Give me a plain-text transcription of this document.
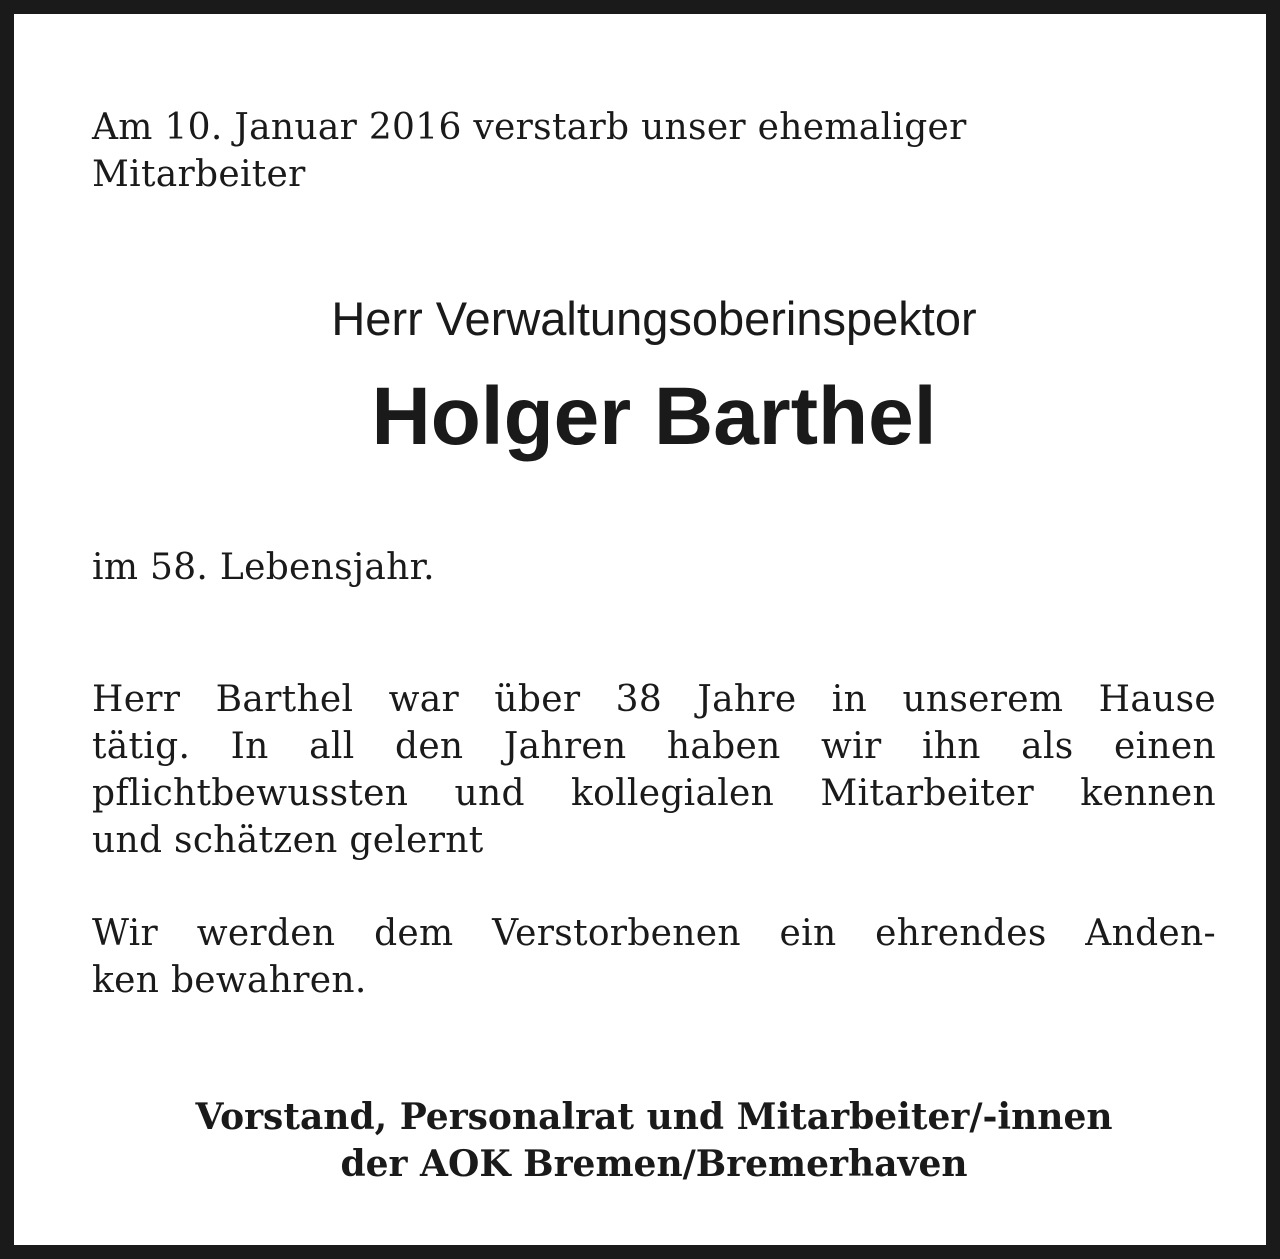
Am 10. Januar 2016 verstarb unser ehemaliger
Mitarbeiter
Herr Verwaltungsoberinspektor
Holger Barthel
im 58. Lebensjahr.
Herr Barthel war über 38 Jahre in unserem Hause
tätig. In all den Jahren haben wir ihn als einen
pflichtbewussten und kollegialen Mitarbeiter kennen
und schätzen gelernt
Wir werden dem Verstorbenen ein ehrendes Anden-
ken bewahren.
Vorstand, Personalrat und Mitarbeiter/-innen
der AOK Bremen/Bremerhaven
